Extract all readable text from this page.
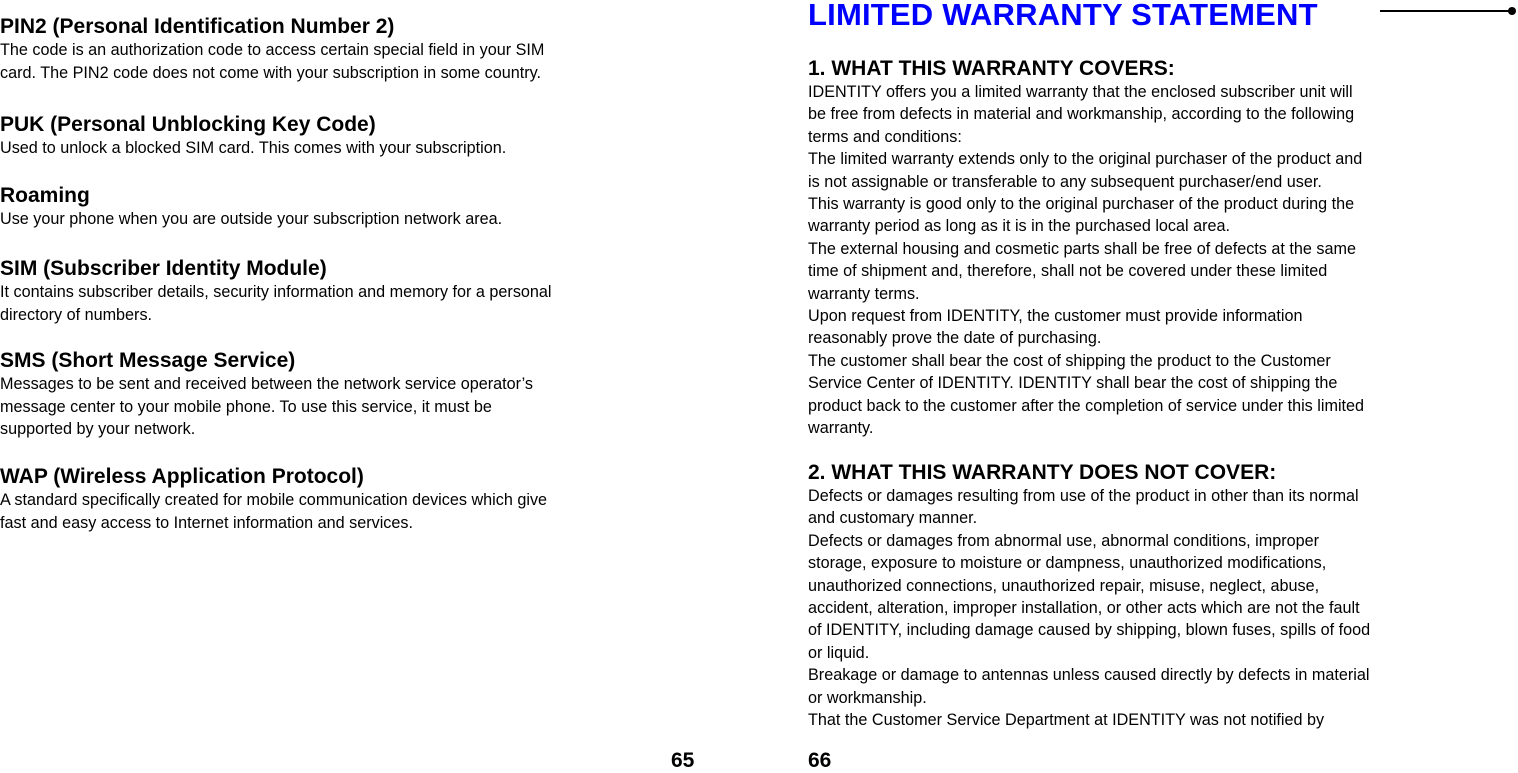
PIN2 (Personal Identification Number 2)
The code is an authorization code to access certain special field in your SIM
card. The PIN2 code does not come with your subscription in some country.
PUK (Personal Unblocking Key Code)
Used to unlock a blocked SIM card. This comes with your subscription.
Roaming
Use your phone when you are outside your subscription network area.
SIM (Subscriber Identity Module)
It contains subscriber details, security information and memory for a personal
directory of numbers.
SMS (Short Message Service)
Messages to be sent and received between the network service operator’s
message center to your mobile phone. To use this service, it must be
supported by your network.
WAP (Wireless Application Protocol)
A standard specifically created for mobile communication devices which give
fast and easy access to Internet information and services.
65
LIMITED WARRANTY STATEMENT
1. WHAT THIS WARRANTY COVERS:
IDENTITY offers you a limited warranty that the enclosed subscriber unit will
be free from defects in material and workmanship, according to the following
terms and conditions:
The limited warranty extends only to the original purchaser of the product and
is not assignable or transferable to any subsequent purchaser/end user.
This warranty is good only to the original purchaser of the product during the
warranty period as long as it is in the purchased local area.
The external housing and cosmetic parts shall be free of defects at the same
time of shipment and, therefore, shall not be covered under these limited
warranty terms.
Upon request from IDENTITY, the customer must provide information
reasonably prove the date of purchasing.
The customer shall bear the cost of shipping the product to the Customer
Service Center of IDENTITY. IDENTITY shall bear the cost of shipping the
product back to the customer after the completion of service under this limited
warranty.
2. WHAT THIS WARRANTY DOES NOT COVER:
Defects or damages resulting from use of the product in other than its normal
and customary manner.
Defects or damages from abnormal use, abnormal conditions, improper
storage, exposure to moisture or dampness, unauthorized modifications,
unauthorized connections, unauthorized repair, misuse, neglect, abuse,
accident, alteration, improper installation, or other acts which are not the fault
of IDENTITY, including damage caused by shipping, blown fuses, spills of food
or liquid.
Breakage or damage to antennas unless caused directly by defects in material
or workmanship.
That the Customer Service Department at IDENTITY was not notified by
66
